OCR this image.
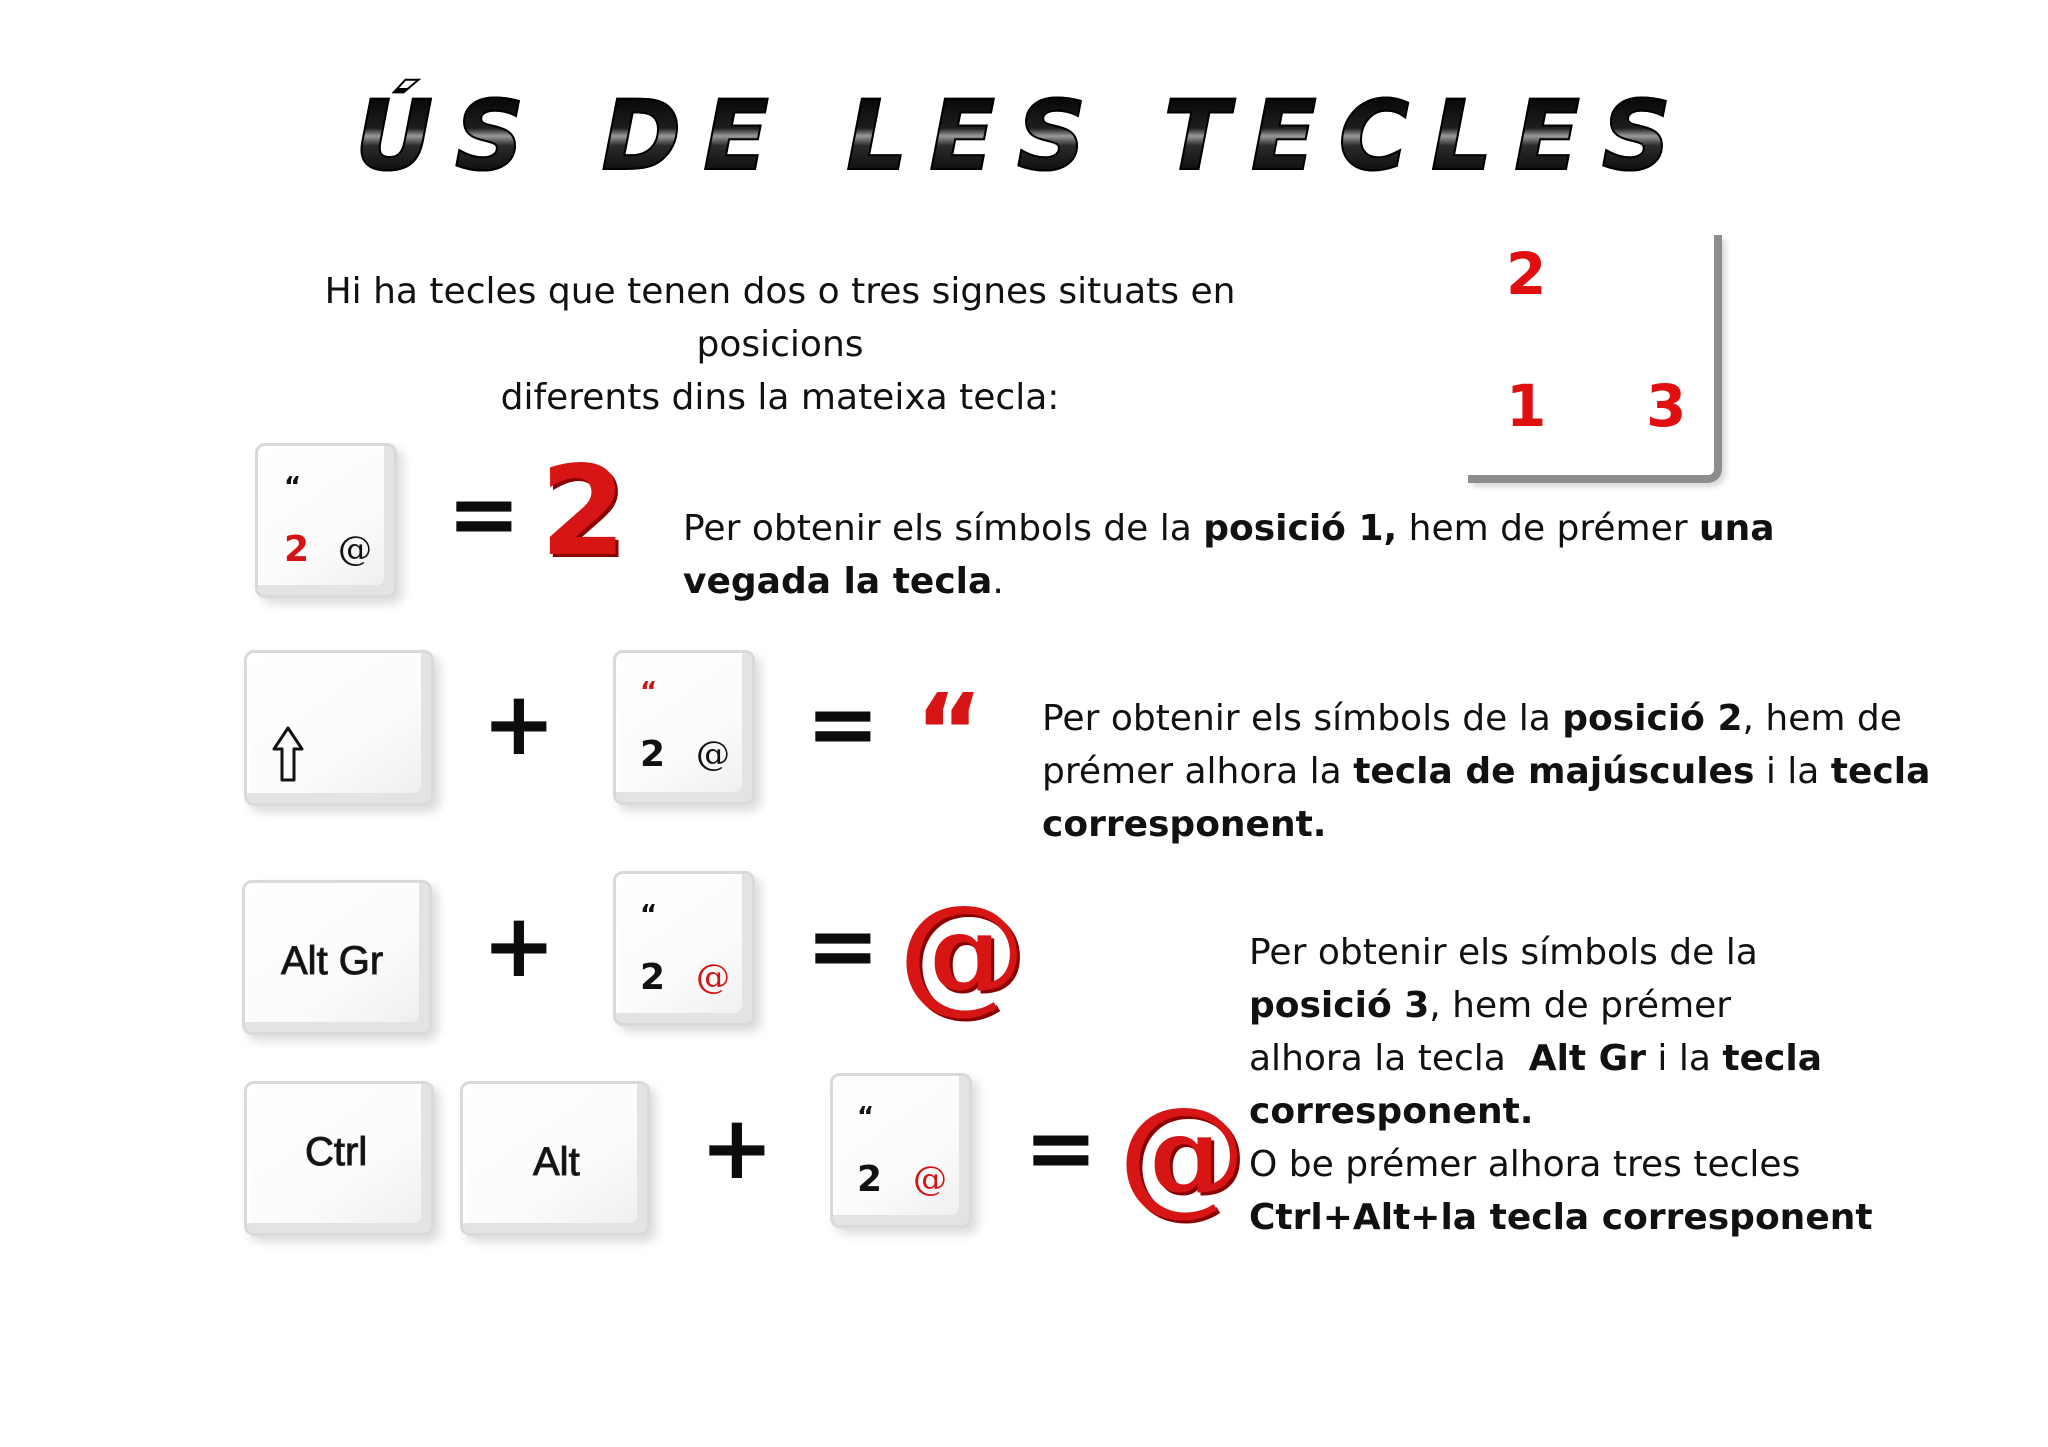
ÚS DE LES TECLES
Hi ha tecles que tenen dos o tres signes situats en posicions
diferents dins la mateixa tecla:
2
1 3
“
2 @ = 2 Per obtenir els símbols de la posició 1, hem de prémer una
vegada la tecla.
+	“
2 @ = “ Per obtenir els símbols de la posició 2, hem de
prémer alhora la tecla de majúscules i la tecla
corresponent.
Alt Gr +	“
2 @ = @
Ctrl	Alt +	“
2 @ = @
Per obtenir els símbols de la
posició 3, hem de prémer
alhora la tecla  Alt Gr i la tecla
corresponent.
O be prémer alhora tres tecles
Ctrl+Alt+la tecla corresponent
